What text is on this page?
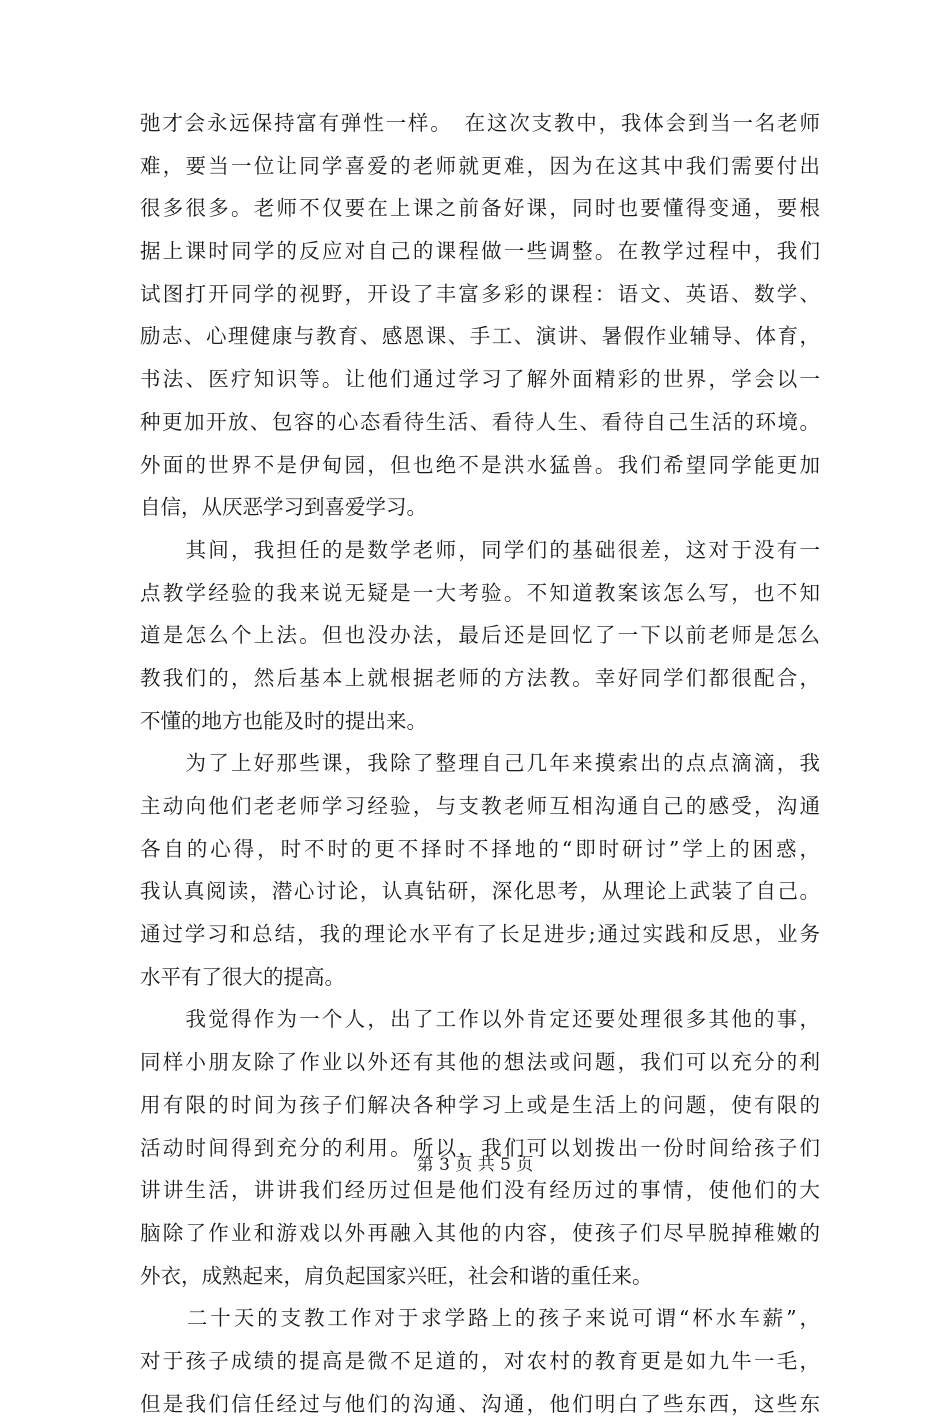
弛才会永远保持富有弹性一样。　在这次支教中，我体会到当一名老师
难，要当一位让同学喜爱的老师就更难，因为在这其中我们需要付出
很多很多。老师不仅要在上课之前备好课，同时也要懂得变通，要根
据上课时同学的反应对自己的课程做一些调整。在教学过程中，我们
试图打开同学的视野，开设了丰富多彩的课程：语文、英语、数学、
励志、心理健康与教育、感恩课、手工、演讲、暑假作业辅导、体育，
书法、医疗知识等。让他们通过学习了解外面精彩的世界，学会以一
种更加开放、包容的心态看待生活、看待人生、看待自己生活的环境。
外面的世界不是伊甸园，但也绝不是洪水猛兽。我们希望同学能更加
自信，从厌恶学习到喜爱学习。
　　其间，我担任的是数学老师，同学们的基础很差，这对于没有一
点教学经验的我来说无疑是一大考验。不知道教案该怎么写，也不知
道是怎么个上法。但也没办法，最后还是回忆了一下以前老师是怎么
教我们的，然后基本上就根据老师的方法教。幸好同学们都很配合，
不懂的地方也能及时的提出来。
　　为了上好那些课，我除了整理自己几年来摸索出的点点滴滴，我
主动向他们老老师学习经验，与支教老师互相沟通自己的感受，沟通
各自的心得，时不时的更不择时不择地的“即时研讨”学上的困惑，
我认真阅读，潜心讨论，认真钻研，深化思考，从理论上武装了自己。
通过学习和总结，我的理论水平有了长足进步;通过实践和反思，业务
水平有了很大的提高。
　　我觉得作为一个人，出了工作以外肯定还要处理很多其他的事，
同样小朋友除了作业以外还有其他的想法或问题，我们可以充分的利
用有限的时间为孩子们解决各种学习上或是生活上的问题，使有限的
活动时间得到充分的利用。所以，我们可以划拨出一份时间给孩子们
讲讲生活，讲讲我们经历过但是他们没有经历过的事情，使他们的大
脑除了作业和游戏以外再融入其他的内容，使孩子们尽早脱掉稚嫩的
外衣，成熟起来，肩负起国家兴旺，社会和谐的重任来。
　　二十天的支教工作对于求学路上的孩子来说可谓“杯水车薪”，
对于孩子成绩的提高是微不足道的，对农村的教育更是如九牛一毛，
但是我们信任经过与他们的沟通、沟通，他们明白了些东西，这些东
第 3 页 共 5 页
